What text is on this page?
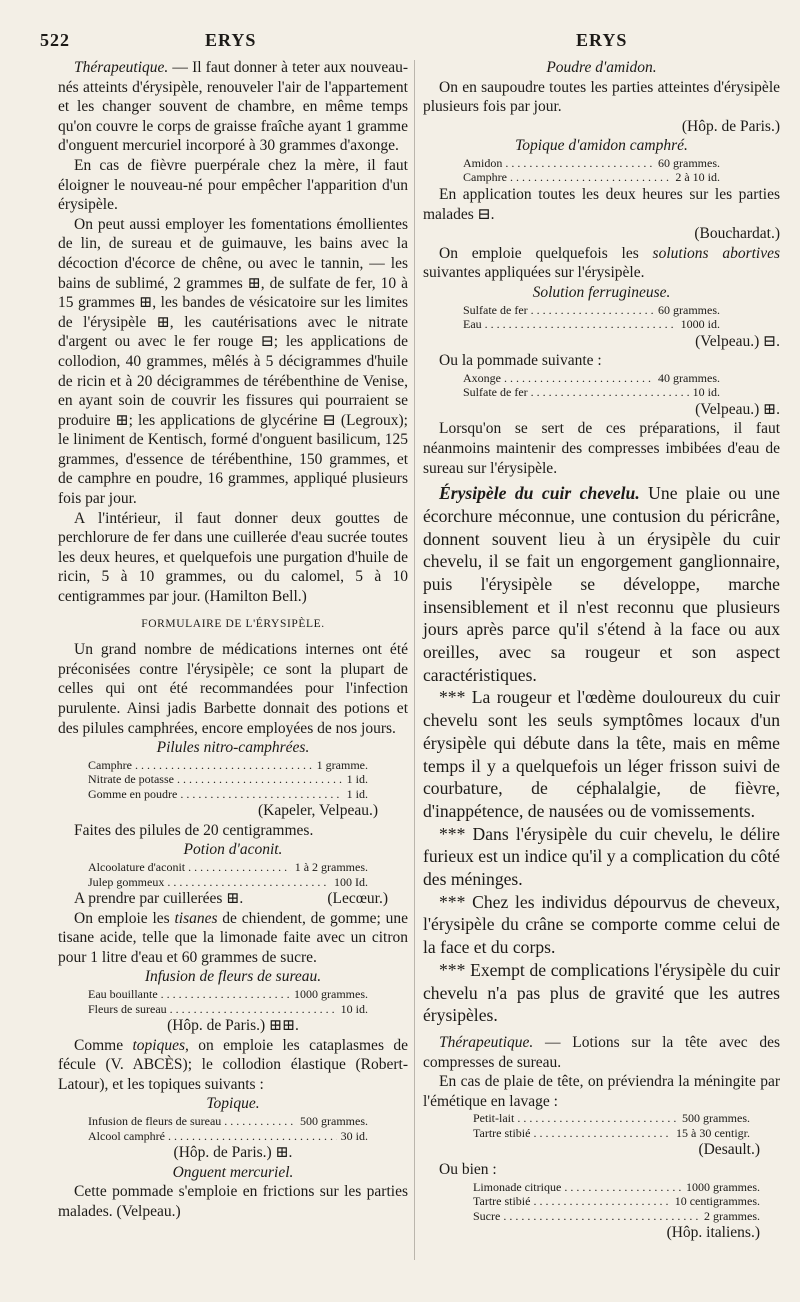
522	ERYS	ERYS

Thérapeutique. — Il faut donner à teter aux nouveau-nés atteints d'érysipèle, renouveler l'air de l'appartement et les changer souvent de chambre, en même temps qu'on couvre le corps de graisse fraîche ayant 1 gramme d'onguent mercuriel incorporé à 30 grammes d'axonge.

En cas de fièvre puerpérale chez la mère, il faut éloigner le nouveau-né pour empêcher l'apparition d'un érysipèle.

On peut aussi employer les fomentations émollientes de lin, de sureau et de guimauve, les bains avec la décoction d'écorce de chêne, ou avec le tannin, — les bains de sublimé, 2 grammes ⊞, de sulfate de fer, 10 à 15 grammes ⊞, les bandes de vésicatoire sur les limites de l'érysipèle ⊞, les cautérisations avec le nitrate d'argent ou avec le fer rouge ⊟; les applications de collodion, 40 grammes, mêlés à 5 décigrammes d'huile de ricin et à 20 décigrammes de térébenthine de Venise, en ayant soin de couvrir les fissures qui pourraient se produire ⊞; les applications de glycérine ⊟ (Legroux); le liniment de Kentisch, formé d'onguent basilicum, 125 grammes, d'essence de térébenthine, 150 grammes, et de camphre en poudre, 16 grammes, appliqué plusieurs fois par jour.

A l'intérieur, il faut donner deux gouttes de perchlorure de fer dans une cuillerée d'eau sucrée toutes les deux heures, et quelquefois une purgation d'huile de ricin, 5 à 10 grammes, ou du calomel, 5 à 10 centigrammes par jour. (Hamilton Bell.)

FORMULAIRE DE L'ÉRYSIPÈLE.

Un grand nombre de médications internes ont été préconisées contre l'érysipèle; ce sont la plupart de celles qui ont été recommandées pour l'infection purulente. Ainsi jadis Barbette donnait des potions et des pilules camphrées, encore employées de nos jours.

Pilules nitro-camphrées.

Camphre . . .	1 gramme.
Nitrate de potasse . . .	1 id.
Gomme en poudre . . .	1 id.

(Kapeler, Velpeau.)

Faites des pilules de 20 centigrammes.

Potion d'aconit.

Alcoolature d'aconit . . .	1 à 2 grammes.
Julep gommeux . . .	100 Id.

A prendre par cuillerées ⊞.	(Lecœur.)

On emploie les tisanes de chiendent, de gomme; une tisane acide, telle que la limonade faite avec un citron pour 1 litre d'eau et 60 grammes de sucre.

Infusion de fleurs de sureau.

Eau bouillante . . .	1000 grammes.
Fleurs de sureau . . .	10 id.

(Hôp. de Paris.) ⊞⊞.

Comme topiques, on emploie les cataplasmes de fécule (V. ABCÈS); le collodion élastique (Robert-Latour), et les topiques suivants :

Topique.

Infusion de fleurs de sureau . . .	500 grammes.
Alcool camphré . . .	30 id.

(Hôp. de Paris.) ⊞.

Onguent mercuriel.

Cette pommade s'emploie en frictions sur les parties malades. (Velpeau.)

Poudre d'amidon.

On en saupoudre toutes les parties atteintes d'érysipèle plusieurs fois par jour.

(Hôp. de Paris.)

Topique d'amidon camphré.

Amidon . . .	60 grammes.
Camphre . . .	2 à 10 id.

En application toutes les deux heures sur les parties malades ⊟.

(Bouchardat.)

On emploie quelquefois les solutions abortives suivantes appliquées sur l'érysipèle.

Solution ferrugineuse.

Sulfate de fer . . .	60 grammes.
Eau . . .	1000 id.

(Velpeau.) ⊟.

Ou la pommade suivante :

Axonge . . .	40 grammes.
Sulfate de fer . . .	10 id.

(Velpeau.) ⊞.

Lorsqu'on se sert de ces préparations, il faut néanmoins maintenir des compresses imbibées d'eau de sureau sur l'érysipèle.

Érysipèle du cuir chevelu. Une plaie ou une écorchure méconnue, une contusion du péricrâne, donnent souvent lieu à un érysipèle du cuir chevelu, il se fait un engorgement ganglionnaire, puis l'érysipèle se développe, marche insensiblement et il n'est reconnu que plusieurs jours après parce qu'il s'étend à la face ou aux oreilles, avec sa rougeur et son aspect caractéristiques.

*** La rougeur et l'œdème douloureux du cuir chevelu sont les seuls symptômes locaux d'un érysipèle qui débute dans la tête, mais en même temps il y a quelquefois un léger frisson suivi de courbature, de céphalalgie, de fièvre, d'inappétence, de nausées ou de vomissements.

*** Dans l'érysipèle du cuir chevelu, le délire furieux est un indice qu'il y a complication du côté des méninges.

*** Chez les individus dépourvus de cheveux, l'érysipèle du crâne se comporte comme celui de la face et du corps.

*** Exempt de complications l'érysipèle du cuir chevelu n'a pas plus de gravité que les autres érysipèles.

Thérapeutique. — Lotions sur la tête avec des compresses de sureau.

En cas de plaie de tête, on préviendra la méningite par l'émétique en lavage :

Petit-lait . . .	500 grammes.
Tartre stibié . . .	15 à 30 centigr.

(Desault.)

Ou bien :

Limonade citrique . . .	1000 grammes.
Tartre stibié . . .	10 centigrammes.
Sucre . . .	2 grammes.

(Hôp. italiens.)
